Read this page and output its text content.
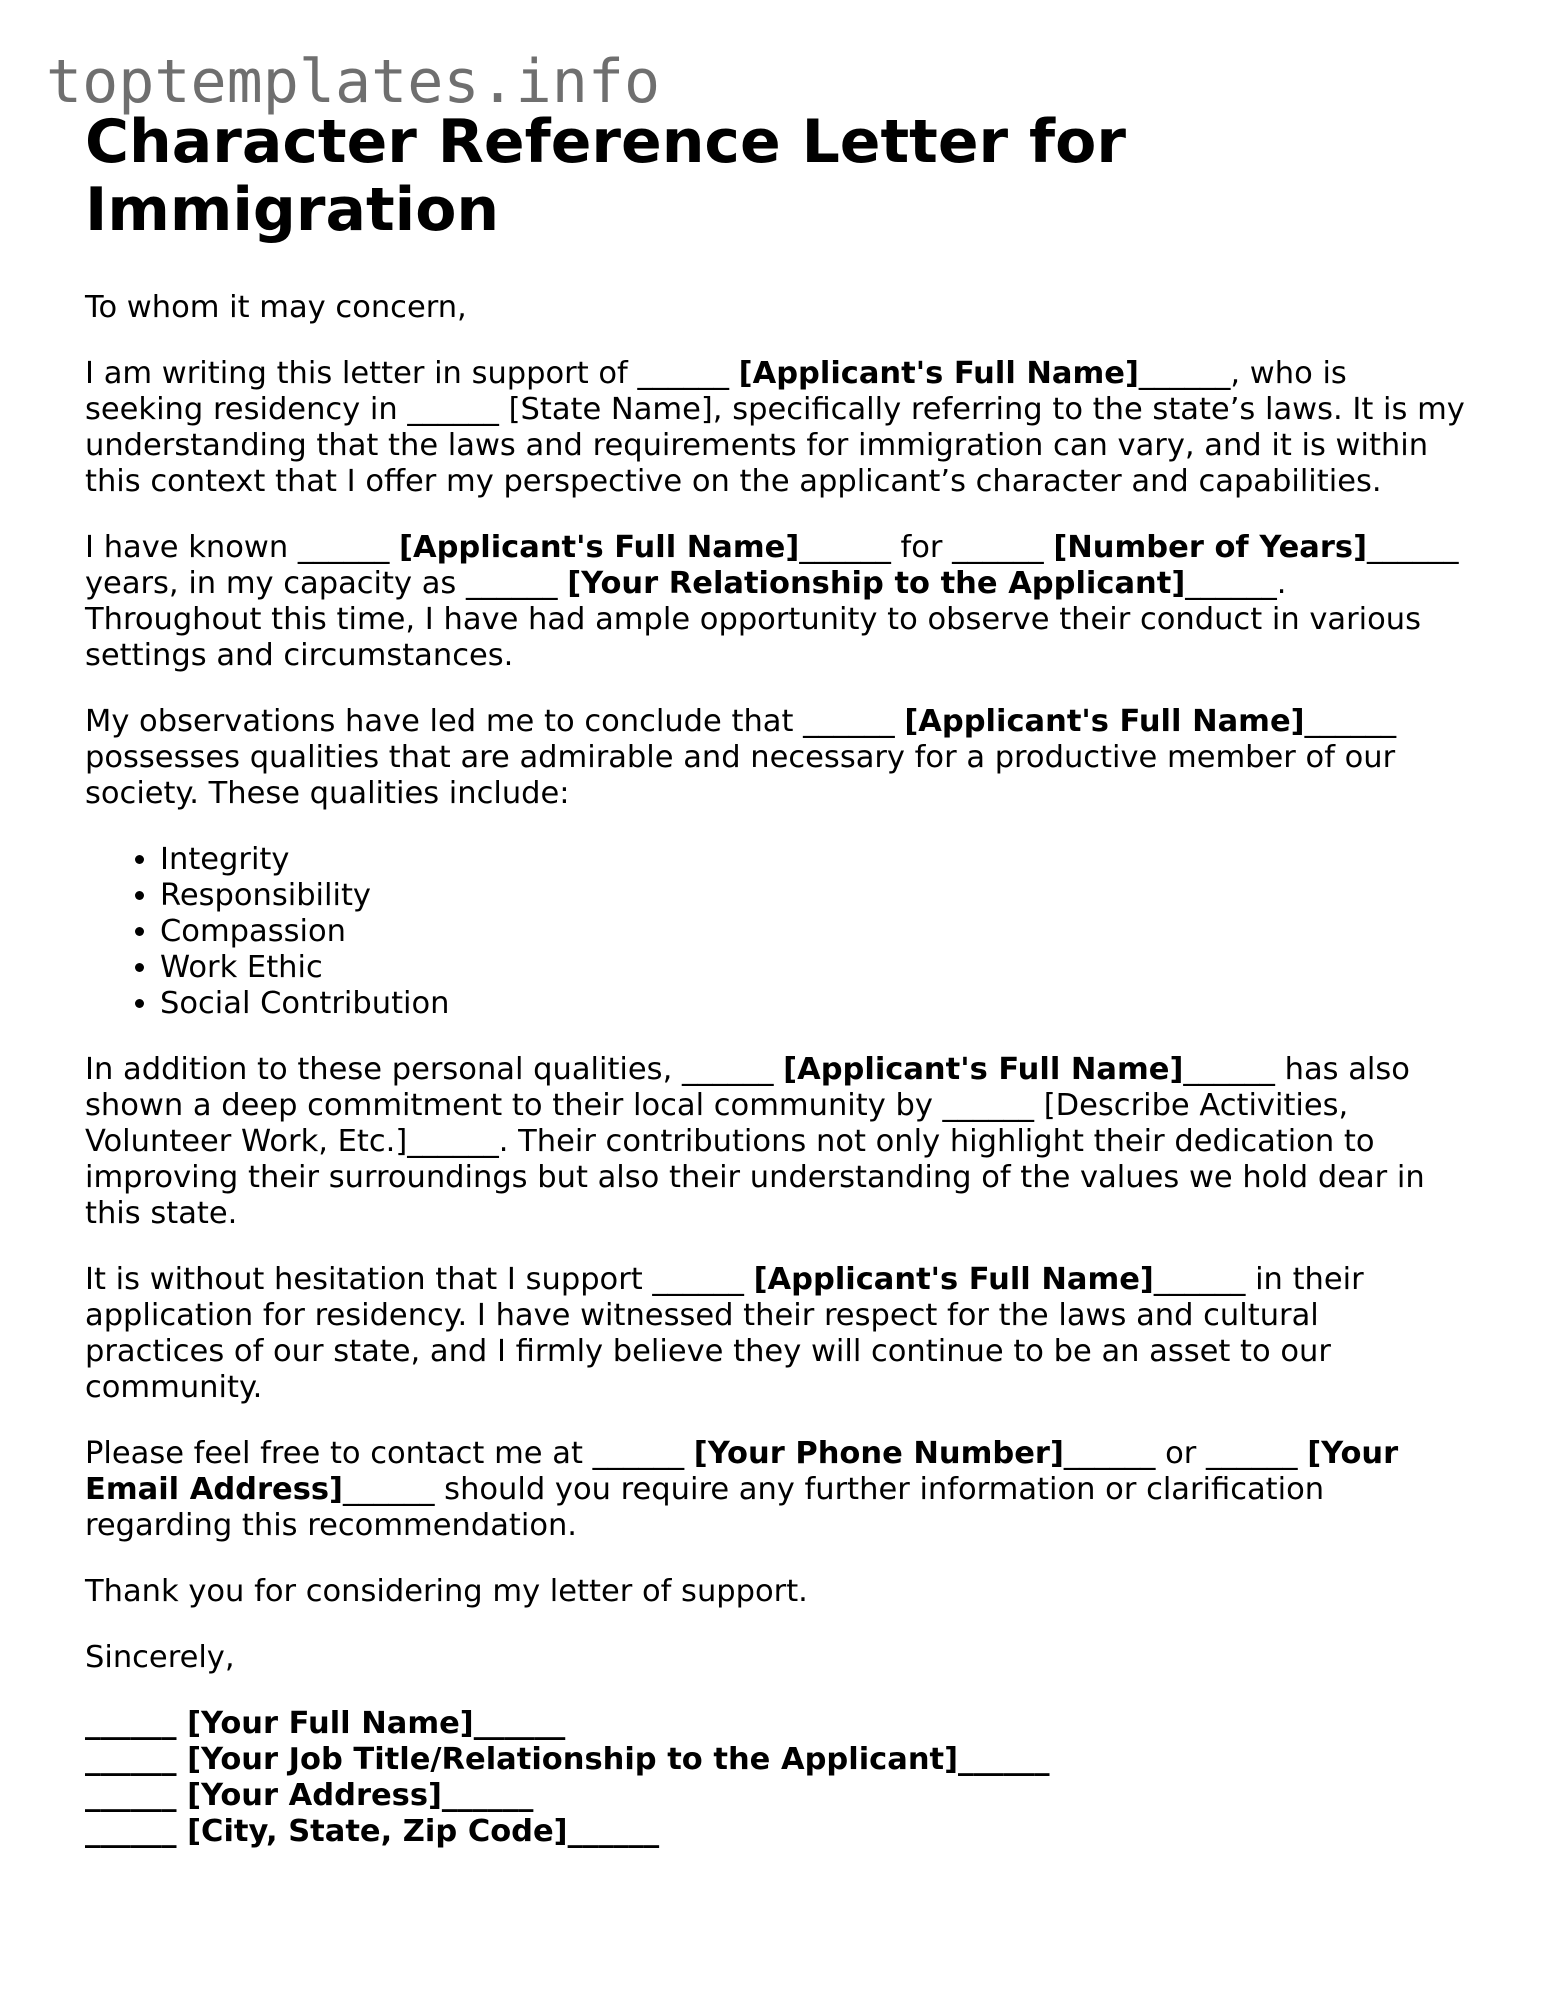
toptemplates.info
Character Reference Letter for Immigration

To whom it may concern,

I am writing this letter in support of ______ [Applicant's Full Name]______, who is seeking residency in ______ [State Name], specifically referring to the state’s laws. It is my understanding that the laws and requirements for immigration can vary, and it is within this context that I offer my perspective on the applicant’s character and capabilities.

I have known ______ [Applicant's Full Name]______ for ______ [Number of Years]______ years, in my capacity as ______ [Your Relationship to the Applicant]______. Throughout this time, I have had ample opportunity to observe their conduct in various settings and circumstances.

My observations have led me to conclude that ______ [Applicant's Full Name]______ possesses qualities that are admirable and necessary for a productive member of our society. These qualities include:

• Integrity
• Responsibility
• Compassion
• Work Ethic
• Social Contribution

In addition to these personal qualities, ______ [Applicant's Full Name]______ has also shown a deep commitment to their local community by ______ [Describe Activities, Volunteer Work, Etc.]______. Their contributions not only highlight their dedication to improving their surroundings but also their understanding of the values we hold dear in this state.

It is without hesitation that I support ______ [Applicant's Full Name]______ in their application for residency. I have witnessed their respect for the laws and cultural practices of our state, and I firmly believe they will continue to be an asset to our community.

Please feel free to contact me at ______ [Your Phone Number]______ or ______ [Your Email Address]______ should you require any further information or clarification regarding this recommendation.

Thank you for considering my letter of support.

Sincerely,

______ [Your Full Name]______
______ [Your Job Title/Relationship to the Applicant]______
______ [Your Address]______
______ [City, State, Zip Code]______
